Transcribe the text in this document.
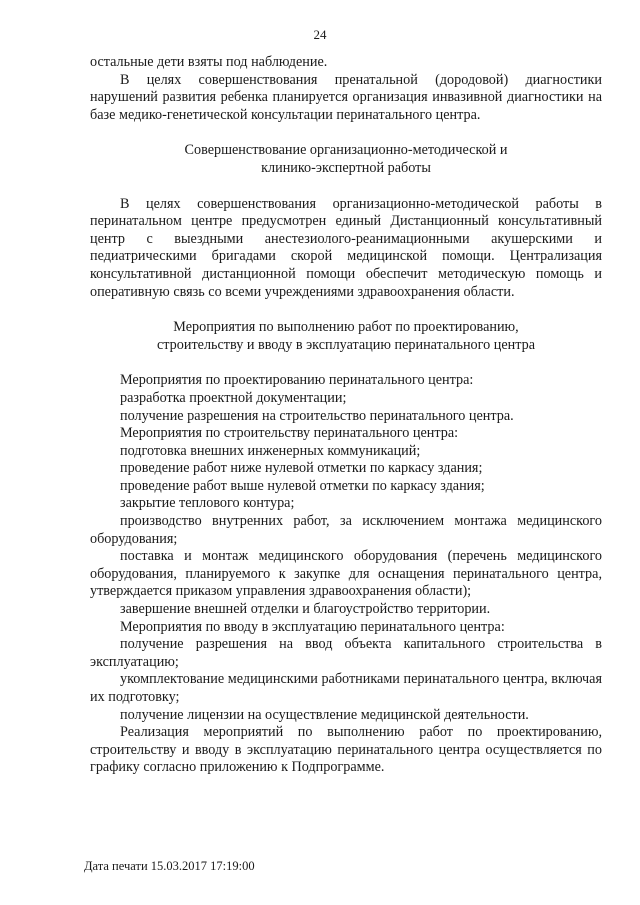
24

остальные дети взяты под наблюдение.

В целях совершенствования пренатальной (дородовой) диагностики нарушений развития ребенка планируется организация инвазивной диагностики на базе медико-генетической консультации перинатального центра.

Совершенствование организационно-методической и
клинико-экспертной работы

В целях совершенствования организационно-методической работы в перинатальном центре предусмотрен единый Дистанционный консультативный центр с выездными анестезиолого-реанимационными акушерскими и педиатрическими бригадами скорой медицинской помощи. Централизация консультативной дистанционной помощи обеспечит методическую помощь и оперативную связь со всеми учреждениями здравоохранения области.

Мероприятия по выполнению работ по проектированию,
строительству и вводу в эксплуатацию перинатального центра

Мероприятия по проектированию перинатального центра:

разработка проектной документации;

получение разрешения на строительство перинатального центра.

Мероприятия по строительству перинатального центра:

подготовка внешних инженерных коммуникаций;

проведение работ ниже нулевой отметки по каркасу здания;

проведение работ выше нулевой отметки по каркасу здания;

закрытие теплового контура;

производство внутренних работ, за исключением монтажа медицинского оборудования;

поставка и монтаж медицинского оборудования (перечень медицинского оборудования, планируемого к закупке для оснащения перинатального центра, утверждается приказом управления здравоохранения области);

завершение внешней отделки и благоустройство территории.

Мероприятия по вводу в эксплуатацию перинатального центра:

получение разрешения на ввод объекта капитального строительства в эксплуатацию;

укомплектование медицинскими работниками перинатального центра, включая их подготовку;

получение лицензии на осуществление медицинской деятельности.

Реализация мероприятий по выполнению работ по проектированию, строительству и вводу в эксплуатацию перинатального центра осуществляется по графику согласно приложению к Подпрограмме.

Дата печати 15.03.2017 17:19:00
